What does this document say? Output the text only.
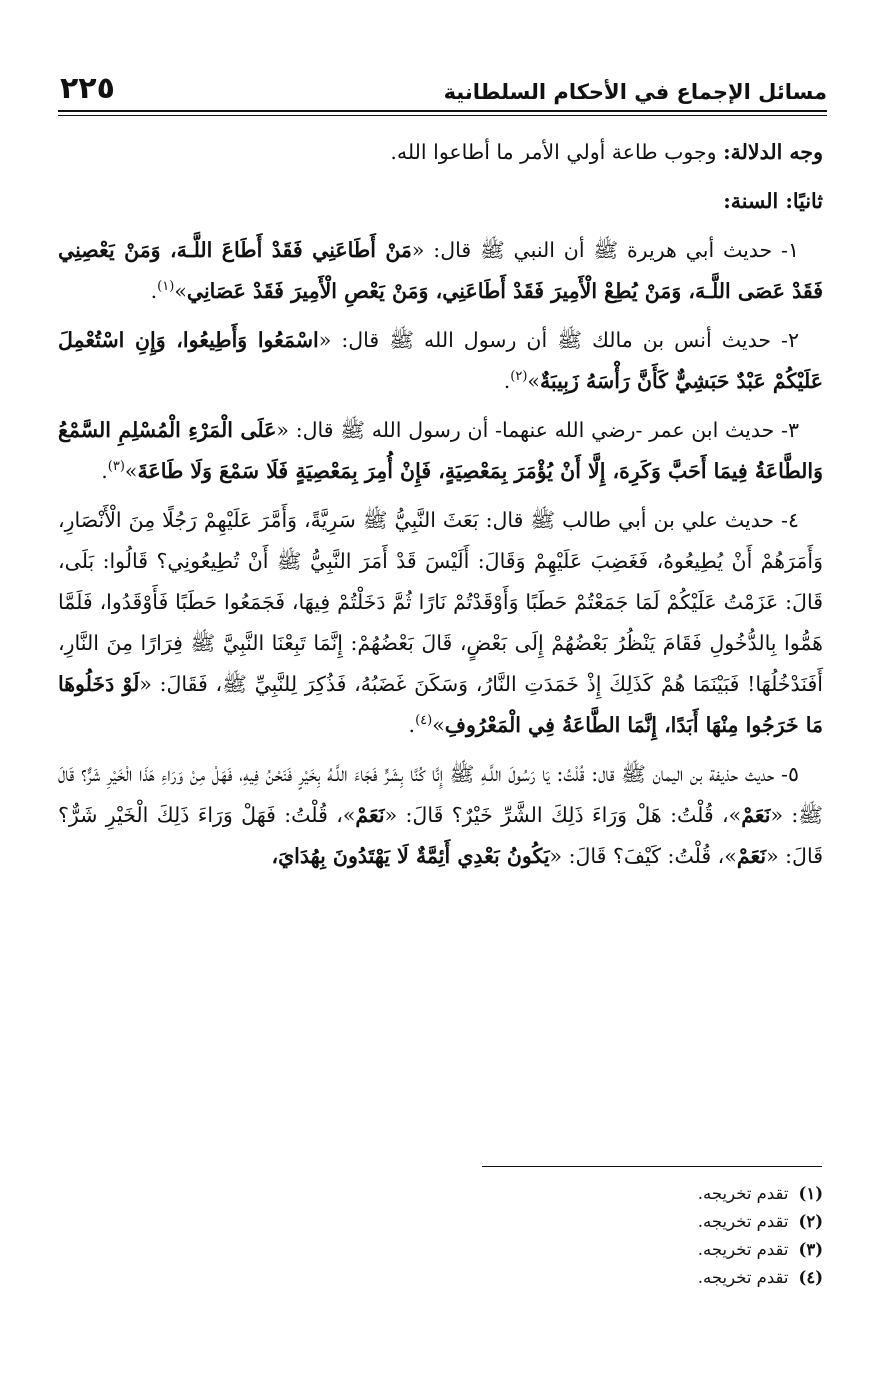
٢٢٥	مسائل الإجماع في الأحكام السلطانية

وجه الدلالة: وجوب طاعة أولي الأمر ما أطاعوا الله.

ثانيًا: السنة:

١- حديث أبي هريرة ﷺ أن النبي ﷺ قال: «مَنْ أَطَاعَنِي فَقَدْ أَطَاعَ اللَّـهَ، وَمَنْ يَعْصِنِي فَقَدْ عَصَى اللَّـهَ، وَمَنْ يُطِعْ الْأَمِيرَ فَقَدْ أَطَاعَنِي، وَمَنْ يَعْصِ الْأَمِيرَ فَقَدْ عَصَانِي»$^{(١)}$.

٢- حديث أنس بن مالك ﷺ أن رسول الله ﷺ قال: «اسْمَعُوا وَأَطِيعُوا، وَإِنِ اسْتُعْمِلَ عَلَيْكُمْ عَبْدٌ حَبَشِيٌّ كَأَنَّ رَأْسَهُ زَبِيبَةٌ»$^{(٢)}$.

٣- حديث ابن عمر -رضي الله عنهما- أن رسول الله ﷺ قال: «عَلَى الْمَرْءِ الْمُسْلِمِ السَّمْعُ وَالطَّاعَةُ فِيمَا أَحَبَّ وَكَرِهَ، إِلَّا أَنْ يُؤْمَرَ بِمَعْصِيَةٍ، فَإِنْ أُمِرَ بِمَعْصِيَةٍ فَلَا سَمْعَ وَلَا طَاعَةَ»$^{(٣)}$.

٤- حديث علي بن أبي طالب ﷺ قال: بَعَثَ النَّبِيُّ ﷺ سَرِيَّةً، وَأَمَّرَ عَلَيْهِمْ رَجُلًا مِنَ الْأَنْصَارِ، وَأَمَرَهُمْ أَنْ يُطِيعُوهُ، فَغَضِبَ عَلَيْهِمْ وَقَالَ: أَلَيْسَ قَدْ أَمَرَ النَّبِيُّ ﷺ أَنْ تُطِيعُونِي؟ قَالُوا: بَلَى، قَالَ: عَزَمْتُ عَلَيْكُمْ لَمَا جَمَعْتُمْ حَطَبًا وَأَوْقَدْتُمْ نَارًا ثُمَّ دَخَلْتُمْ فِيهَا، فَجَمَعُوا حَطَبًا فَأَوْقَدُوا، فَلَمَّا هَمُّوا بِالدُّخُولِ فَقَامَ يَنْظُرُ بَعْضُهُمْ إِلَى بَعْضٍ، قَالَ بَعْضُهُمْ: إِنَّمَا تَبِعْنَا النَّبِيَّ ﷺ فِرَارًا مِنَ النَّارِ، أَفَنَدْخُلُهَا! فَبَيْنَمَا هُمْ كَذَلِكَ إِذْ خَمَدَتِ النَّارُ، وَسَكَنَ غَضَبُهُ، فَذُكِرَ لِلنَّبِيِّ ﷺ، فَقَالَ: «لَوْ دَخَلُوهَا مَا خَرَجُوا مِنْهَا أَبَدًا، إِنَّمَا الطَّاعَةُ فِي الْمَعْرُوفِ»$^{(٤)}$.

٥- حديث حذيفة بن اليمان ﷺ قال: قُلْتُ: يَا رَسُولَ اللَّـهِ ﷺ إِنَّا كُنَّا بِشَرٍّ فَجَاءَ اللَّـهُ بِخَيْرٍ فَنَحْنُ فِيهِ، فَهَلْ مِنْ وَرَاءِ هَذَا الْخَيْرِ شَرٌّ؟ قَالَ ﷺ: «نَعَمْ»، قُلْتُ: هَلْ وَرَاءَ ذَلِكَ الشَّرِّ خَيْرٌ؟ قَالَ: «نَعَمْ»، قُلْتُ: فَهَلْ وَرَاءَ ذَلِكَ الْخَيْرِ شَرٌّ؟ قَالَ: «نَعَمْ»، قُلْتُ: كَيْفَ؟ قَالَ: «يَكُونُ بَعْدِي أَئِمَّةٌ لَا يَهْتَدُونَ بِهُدَايَ،

(١)تقدم تخريجه.
(٢)تقدم تخريجه.
(٣)تقدم تخريجه.
(٤)تقدم تخريجه.
